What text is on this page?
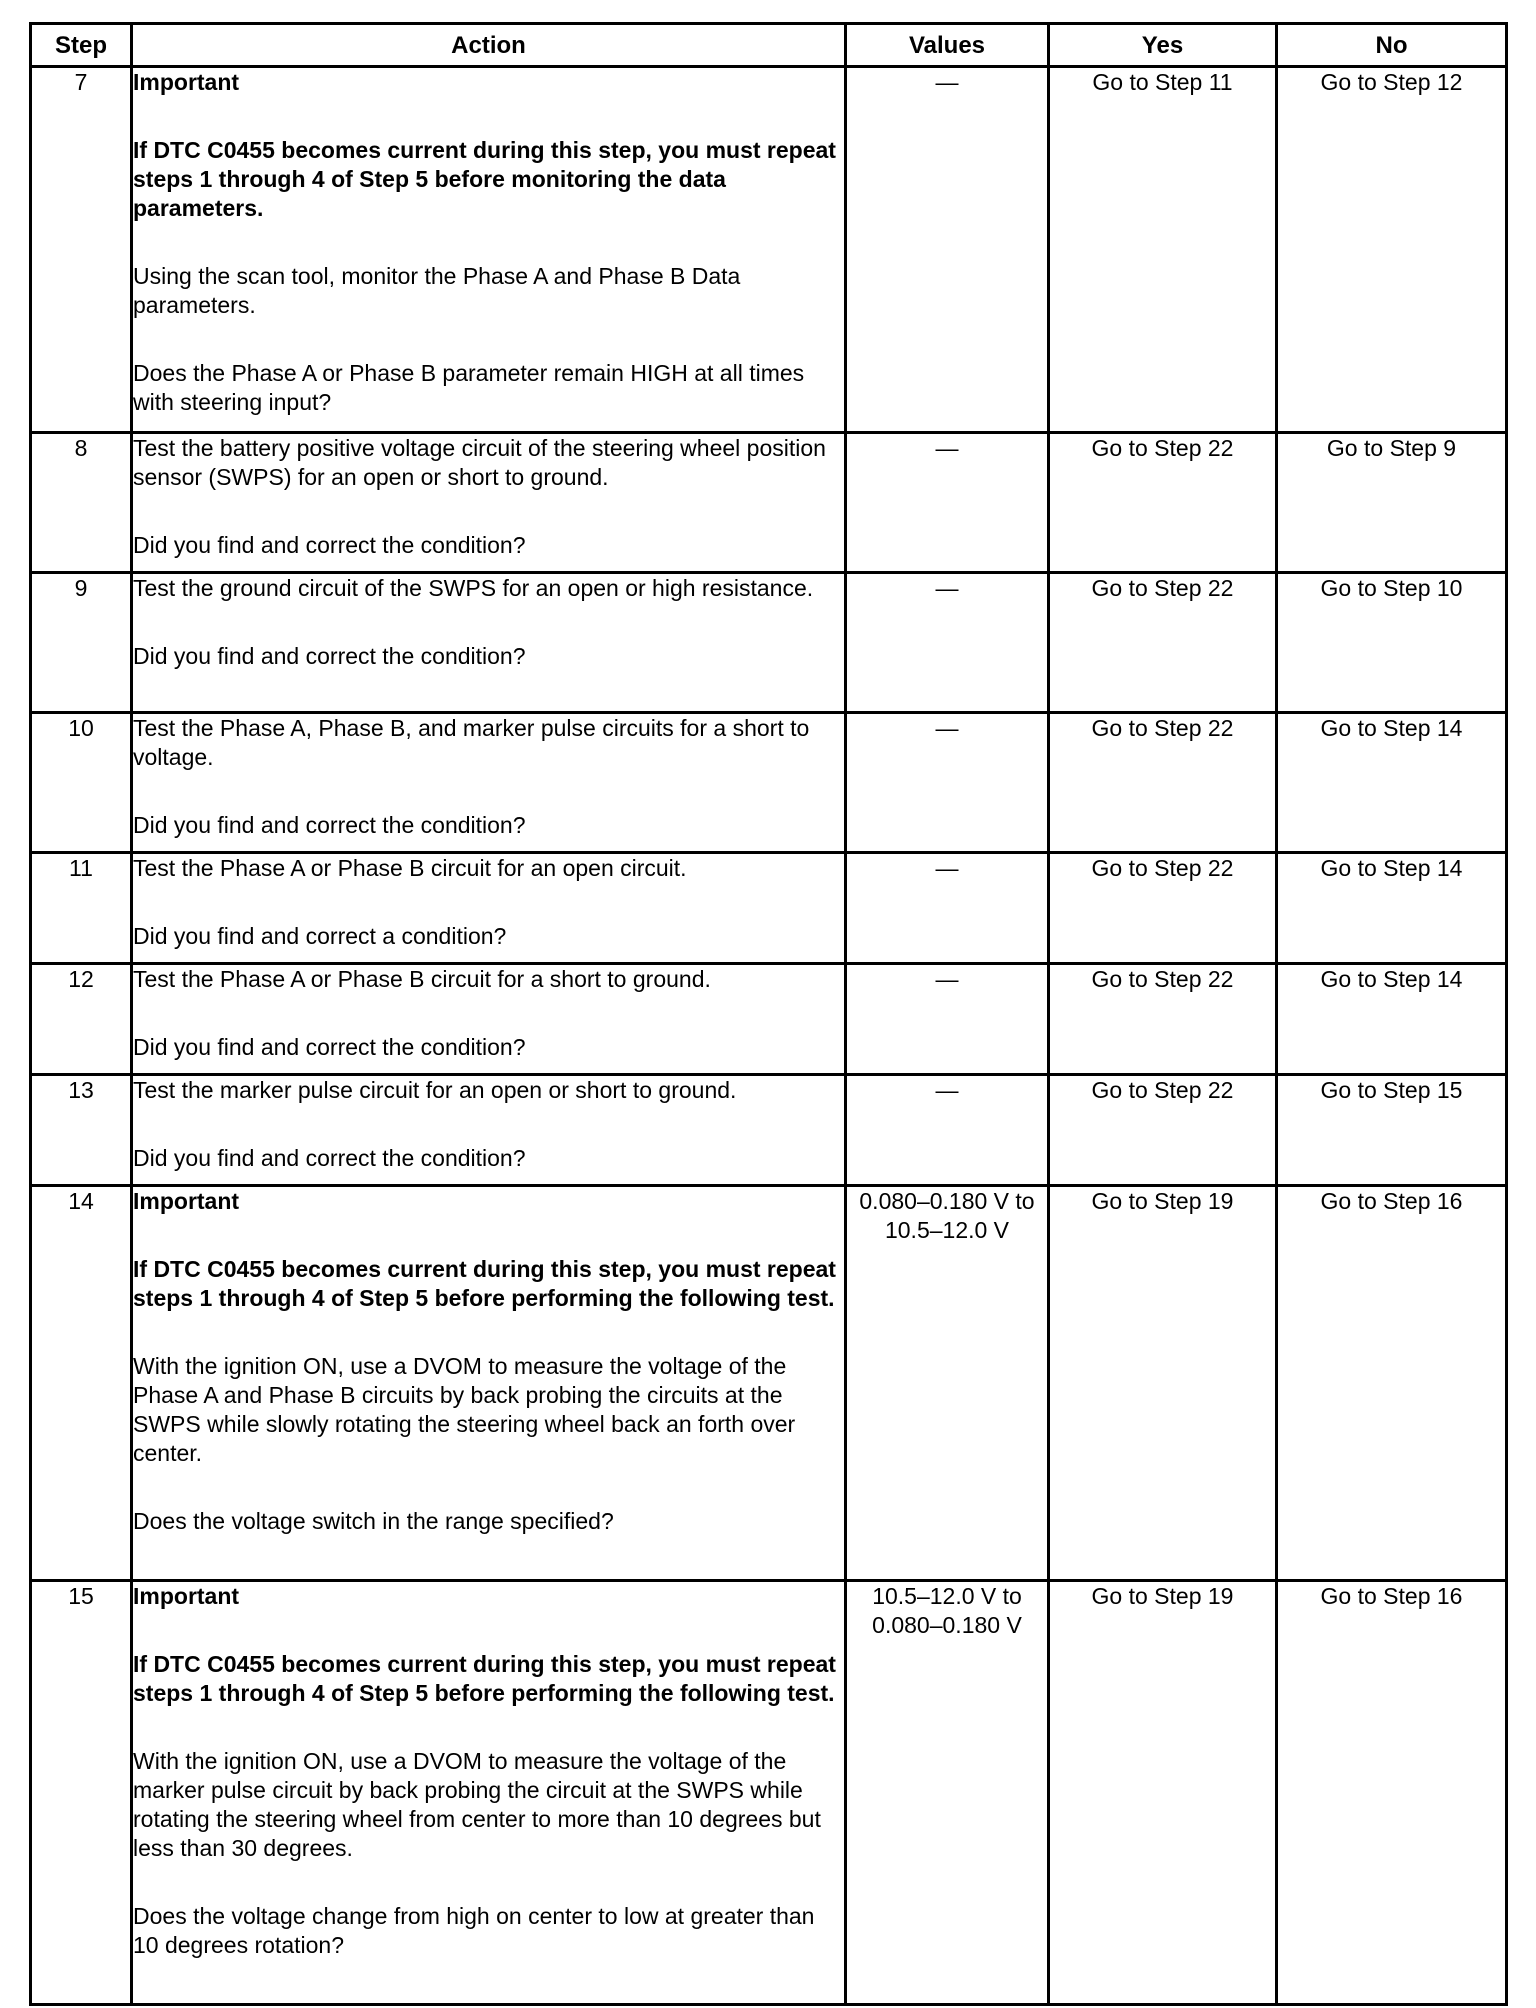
Step	Action	Values	Yes	No
7	Important

If DTC C0455 becomes current during this step, you must repeat steps 1 through 4 of Step 5 before monitoring the data parameters.

Using the scan tool, monitor the Phase A and Phase B Data parameters.

Does the Phase A or Phase B parameter remain HIGH at all times with steering input?	—	Go to Step 11	Go to Step 12
8	Test the battery positive voltage circuit of the steering wheel position sensor (SWPS) for an open or short to ground.

Did you find and correct the condition?	—	Go to Step 22	Go to Step 9
9	Test the ground circuit of the SWPS for an open or high resistance.

Did you find and correct the condition?	—	Go to Step 22	Go to Step 10
10	Test the Phase A, Phase B, and marker pulse circuits for a short to voltage.

Did you find and correct the condition?	—	Go to Step 22	Go to Step 14
11	Test the Phase A or Phase B circuit for an open circuit.

Did you find and correct a condition?	—	Go to Step 22	Go to Step 14
12	Test the Phase A or Phase B circuit for a short to ground.

Did you find and correct the condition?	—	Go to Step 22	Go to Step 14
13	Test the marker pulse circuit for an open or short to ground.

Did you find and correct the condition?	—	Go to Step 22	Go to Step 15
14	Important

If DTC C0455 becomes current during this step, you must repeat steps 1 through 4 of Step 5 before performing the following test.

With the ignition ON, use a DVOM to measure the voltage of the Phase A and Phase B circuits by back probing the circuits at the SWPS while slowly rotating the steering wheel back an forth over center.

Does the voltage switch in the range specified?	0.080–0.180 V to 10.5–12.0 V	Go to Step 19	Go to Step 16
15	Important

If DTC C0455 becomes current during this step, you must repeat steps 1 through 4 of Step 5 before performing the following test.

With the ignition ON, use a DVOM to measure the voltage of the marker pulse circuit by back probing the circuit at the SWPS while rotating the steering wheel from center to more than 10 degrees but less than 30 degrees.

Does the voltage change from high on center to low at greater than 10 degrees rotation?	10.5–12.0 V to 0.080–0.180 V	Go to Step 19	Go to Step 16
